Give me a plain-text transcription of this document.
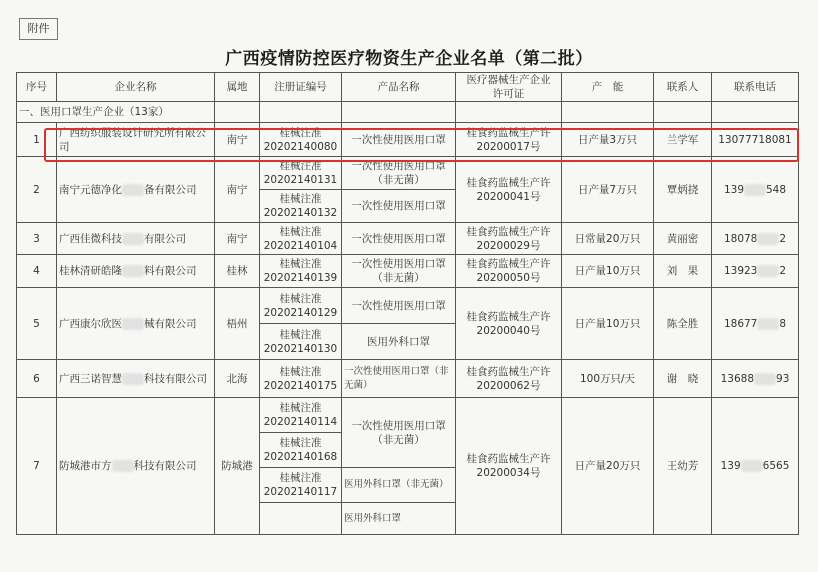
附件
广西疫情防控医疗物资生产企业名单（第二批）
序号	企业名称	属地	注册证编号	产品名称	医疗器械生产企业
许可证	产　能	联系人	联系电话
一、医用口罩生产企业（13家）								
1	广西纺织服装设计研究所有限公司	南宁	桂械注准
20202140080	一次性使用医用口罩	桂食药监械生产许
20200017号	日产量3万只	兰学军	13077718081
2	南宁元德净化 备有限公司	南宁	桂械注准
20202140131	一次性使用医用口罩
（非无菌）	桂食药监械生产许
20200041号	日产量7万只	覃炳挠	139 548
			桂械注准
20202140132	一次性使用医用口罩				
3	广西佳微科技 有限公司	南宁	桂械注准
20202140104	一次性使用医用口罩	桂食药监械生产许
20200029号	日常量20万只	黄丽密	18078 2
4	桂林清研皓隆 料有限公司	桂林	桂械注准
20202140139	一次性使用医用口罩
（非无菌）	桂食药监械生产许
20200050号	日产量10万只	刘　果	13923 2
5	广西康尔欣医 械有限公司	梧州	桂械注准
20202140129	一次性使用医用口罩	桂食药监械生产许
20200040号	日产量10万只	陈全胜	18677 8
			桂械注准
20202140130	医用外科口罩				
6	广西三诺智慧 科技有限公司	北海	桂械注准
20202140175	一次性使用医用口罩（非
无菌）	桂食药监械生产许
20200062号	100万只/天	谢　晓	13688 93
7	防城港市方 科技有限公司	防城港	桂械注准
20202140114	一次性使用医用口罩
（非无菌）	桂食药监械生产许
20200034号	日产量20万只	王幼芳	139 6565
			桂械注准
20202140168					
			桂械注准
20202140117	医用外科口罩（非无菌）				
				医用外科口罩				
